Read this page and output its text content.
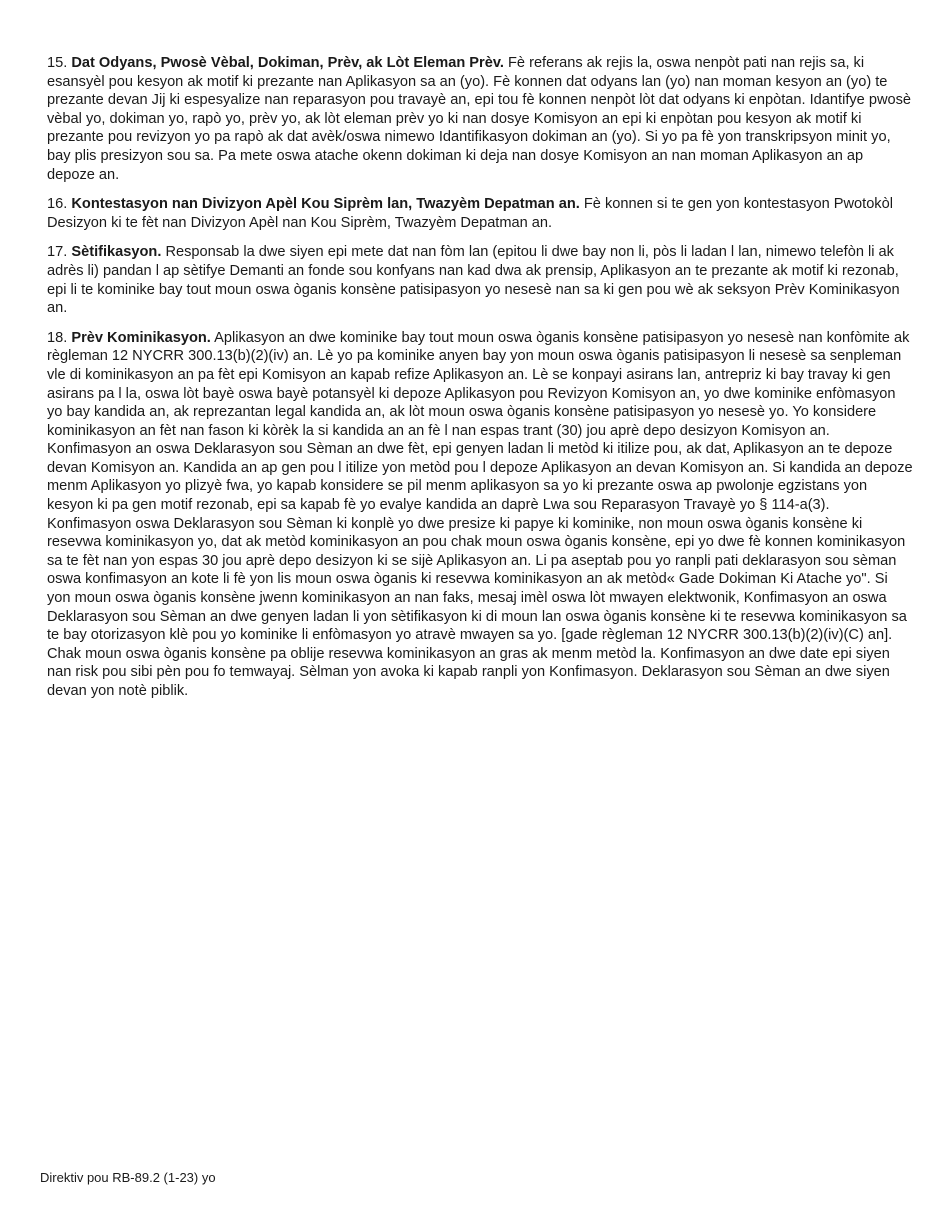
15. Dat Odyans, Pwosè Vèbal, Dokiman, Prèv, ak Lòt Eleman Prèv. Fè referans ak rejis la, oswa nenpòt pati nan rejis sa, ki esansyèl pou kesyon ak motif ki prezante nan Aplikasyon sa an (yo). Fè konnen dat odyans lan (yo) nan moman kesyon an (yo) te prezante devan Jij ki espesyalize nan reparasyon pou travayè an, epi tou fè konnen nenpòt lòt dat odyans ki enpòtan. Idantifye pwosè vèbal yo, dokiman yo, rapò yo, prèv yo, ak lòt eleman prèv yo ki nan dosye Komisyon an epi ki enpòtan pou kesyon ak motif ki prezante pou revizyon yo pa rapò ak dat avèk/oswa nimewo Idantifikasyon dokiman an (yo). Si yo pa fè yon transkripsyon minit yo, bay plis presizyon sou sa. Pa mete oswa atache okenn dokiman ki deja nan dosye Komisyon an nan moman Aplikasyon an ap depoze an.

16. Kontestasyon nan Divizyon Apèl Kou Siprèm lan, Twazyèm Depatman an. Fè konnen si te gen yon kontestasyon Pwotokòl Desizyon ki te fèt nan Divizyon Apèl nan Kou Siprèm, Twazyèm Depatman an.

17. Sètifikasyon. Responsab la dwe siyen epi mete dat nan fòm lan (epitou li dwe bay non li, pòs li ladan l lan, nimewo telefòn li ak adrès li) pandan l ap sètifye Demanti an fonde sou konfyans nan kad dwa ak prensip, Aplikasyon an te prezante ak motif ki rezonab, epi li te kominike bay tout moun oswa òganis konsène patisipasyon yo nesesè nan sa ki gen pou wè ak seksyon Prèv Kominikasyon an.

18. Prèv Kominikasyon. Aplikasyon an dwe kominike bay tout moun oswa òganis konsène patisipasyon yo nesesè nan konfòmite ak règleman 12 NYCRR 300.13(b)(2)(iv) an. Lè yo pa kominike anyen bay yon moun oswa òganis patisipasyon li nesesè sa senpleman vle di kominikasyon an pa fèt epi Komisyon an kapab refize Aplikasyon an. Lè se konpayi asirans lan, antrepriz ki bay travay ki gen asirans pa l la, oswa lòt bayè oswa bayè potansyèl ki depoze Aplikasyon pou Revizyon Komisyon an, yo dwe kominike enfòmasyon yo bay kandida an, ak reprezantan legal kandida an, ak lòt moun oswa òganis konsène patisipasyon yo nesesè yo. Yo konsidere kominikasyon an fèt nan fason ki kòrèk la si kandida an an fè l nan espas trant (30) jou aprè depo desizyon Komisyon an. Konfimasyon an oswa Deklarasyon sou Sèman an dwe fèt, epi genyen ladan li metòd ki itilize pou, ak dat, Aplikasyon an te depoze devan Komisyon an. Kandida an ap gen pou l itilize yon metòd pou l depoze Aplikasyon an devan Komisyon an. Si kandida an depoze menm Aplikasyon yo plizyè fwa, yo kapab konsidere se pil menm aplikasyon sa yo ki prezante oswa ap pwolonje egzistans yon kesyon ki pa gen motif rezonab, epi sa kapab fè yo evalye kandida an daprè Lwa sou Reparasyon Travayè yo § 114-a(3). Konfimasyon oswa Deklarasyon sou Sèman ki konplè yo dwe presize ki papye ki kominike, non moun oswa òganis konsène ki resevwa kominikasyon yo, dat ak metòd kominikasyon an pou chak moun oswa òganis konsène, epi yo dwe fè konnen kominikasyon sa te fèt nan yon espas 30 jou aprè depo desizyon ki se sijè Aplikasyon an. Li pa aseptab pou yo ranpli pati deklarasyon sou sèman oswa konfimasyon an kote li fè yon lis moun oswa òganis ki resevwa kominikasyon an ak metòd« Gade Dokiman Ki Atache yo". Si yon moun oswa òganis konsène jwenn kominikasyon an nan faks, mesaj imèl oswa lòt mwayen elektwonik, Konfimasyon an oswa Deklarasyon sou Sèman an dwe genyen ladan li yon sètifikasyon ki di moun lan oswa òganis konsène ki te resevwa kominikasyon sa te bay otorizasyon klè pou yo kominike li enfòmasyon yo atravè mwayen sa yo. [gade règleman 12 NYCRR 300.13(b)(2)(iv)(C) an]. Chak moun oswa òganis konsène pa oblije resevwa kominikasyon an gras ak menm metòd la. Konfimasyon an dwe date epi siyen nan risk pou sibi pèn pou fo temwayaj. Sèlman yon avoka ki kapab ranpli yon Konfimasyon. Deklarasyon sou Sèman an dwe siyen devan yon notè piblik.

Direktiv pou RB-89.2 (1-23) yo
